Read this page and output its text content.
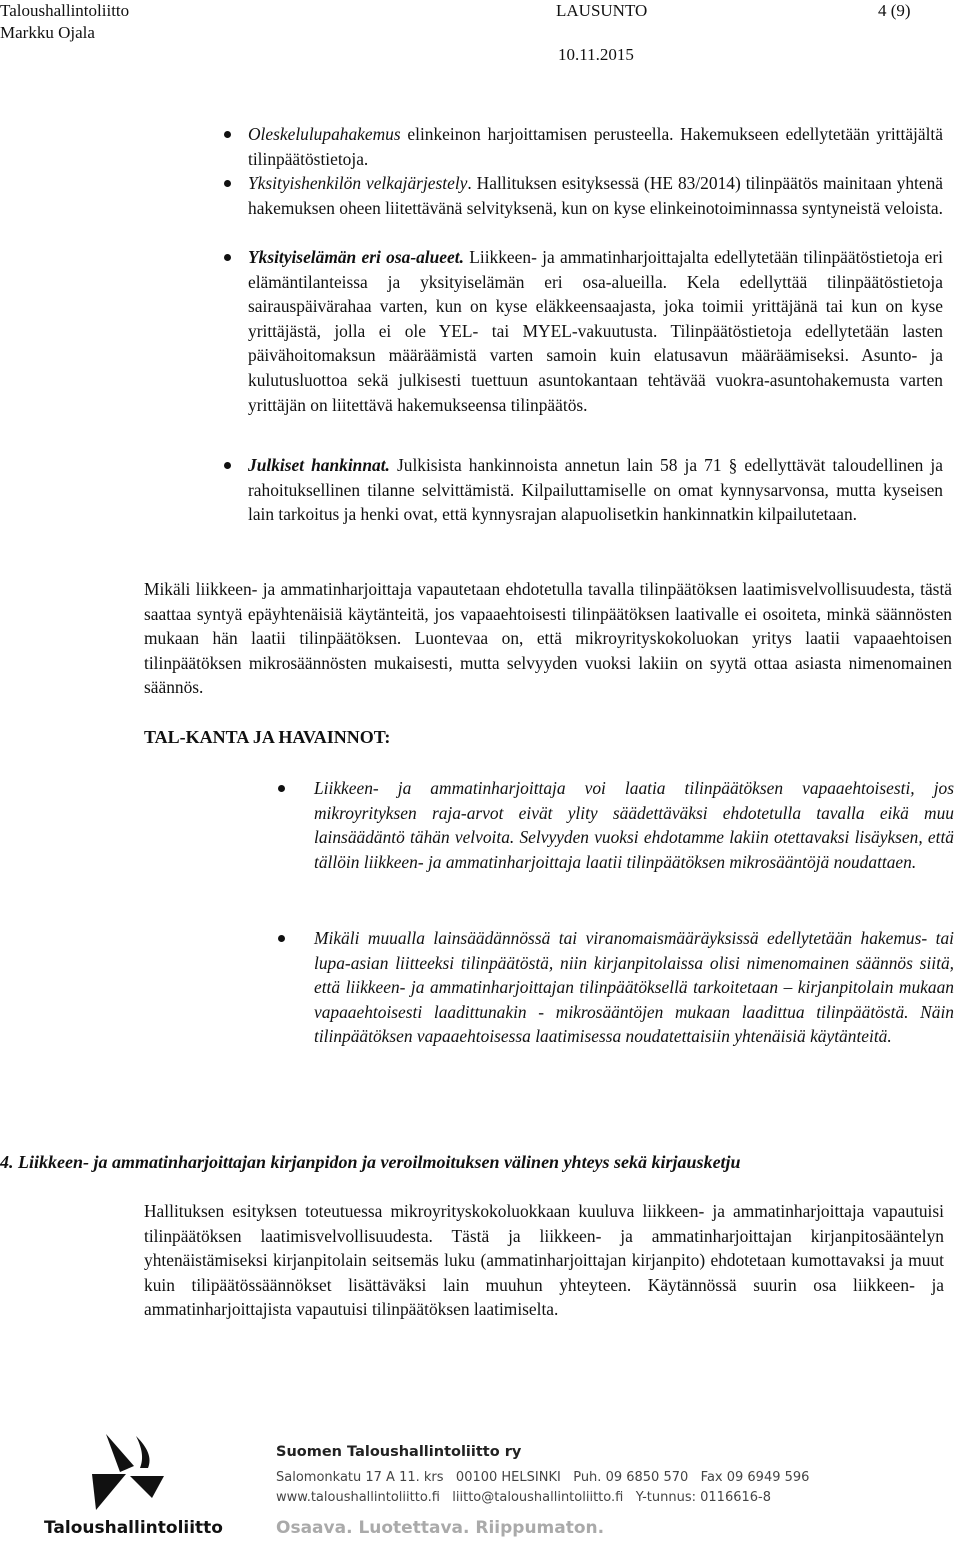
Taloushallintoliitto
Markku Ojala
LAUSUNTO
10.11.2015
4 (9)

Oleskelulupahakemus elinkeinon harjoittamisen perusteella. Hakemukseen edellytetään yrittäjältä tilinpäätöstietoja.

Yksityishenkilön velkajärjestely. Hallituksen esityksessä (HE 83/2014) tilinpäätös mainitaan yhtenä hakemuksen oheen liitettävänä selvityksenä, kun on kyse elinkeinotoiminnassa syntyneistä veloista.

Yksityiselämän eri osa-alueet. Liikkeen- ja ammatinharjoittajalta edellytetään tilinpäätöstietoja eri elämäntilanteissa ja yksityiselämän eri osa-alueilla. Kela edellyttää tilinpäätöstietoja sairauspäivärahaa varten, kun on kyse eläkkeensaajasta, joka toimii yrittäjänä tai kun on kyse yrittäjästä, jolla ei ole YEL- tai MYEL-vakuutusta. Tilinpäätöstietoja edellytetään lasten päivähoitomaksun määräämistä varten samoin kuin elatusavun määräämiseksi. Asunto- ja kulutusluottoa sekä julkisesti tuettuun asuntokantaan tehtävää vuokra-asuntohakemusta varten yrittäjän on liitettävä hakemukseensa tilinpäätös.

Julkiset hankinnat. Julkisista hankinnoista annetun lain 58 ja 71 § edellyttävät taloudellinen ja rahoituksellinen tilanne selvittämistä. Kilpailuttamiselle on omat kynnysarvonsa, mutta kyseisen lain tarkoitus ja henki ovat, että kynnysrajan alapuolisetkin hankinnatkin kilpailutetaan.

Mikäli liikkeen- ja ammatinharjoittaja vapautetaan ehdotetulla tavalla tilinpäätöksen laatimisvelvollisuudesta, tästä saattaa syntyä epäyhtenäisiä käytänteitä, jos vapaaehtoisesti tilinpäätöksen laativalle ei osoiteta, minkä säännösten mukaan hän laatii tilinpäätöksen. Luontevaa on, että mikroyrityskokoluokan yritys laatii vapaaehtoisen tilinpäätöksen mikrosäännösten mukaisesti, mutta selvyyden vuoksi lakiin on syytä ottaa asiasta nimenomainen säännös.

TAL-KANTA JA HAVAINNOT:

Liikkeen- ja ammatinharjoittaja voi laatia tilinpäätöksen vapaaehtoisesti, jos mikroyrityksen raja-arvot eivät ylity säädettäväksi ehdotetulla tavalla eikä muu lainsäädäntö tähän velvoita. Selvyyden vuoksi ehdotamme lakiin otettavaksi lisäyksen, että tällöin liikkeen- ja ammatinharjoittaja laatii tilinpäätöksen mikrosääntöjä noudattaen.

Mikäli muualla lainsäädännössä tai viranomaismääräyksissä edellytetään hakemus- tai lupa-asian liitteeksi tilinpäätöstä, niin kirjanpitolaissa olisi nimenomainen säännös siitä, että liikkeen- ja ammatinharjoittajan tilinpäätöksellä tarkoitetaan – kirjanpitolain mukaan vapaaehtoisesti laadittunakin - mikrosääntöjen mukaan laadittua tilinpäätöstä. Näin tilinpäätöksen vapaaehtoisessa laatimisessa noudatettaisiin yhtenäisiä käytänteitä.

4. Liikkeen- ja ammatinharjoittajan kirjanpidon ja veroilmoituksen välinen yhteys sekä kirjausketju

Hallituksen esityksen toteutuessa mikroyrityskokoluokkaan kuuluva liikkeen- ja ammatinharjoittaja vapautuisi tilinpäätöksen laatimisvelvollisuudesta. Tästä ja liikkeen- ja ammatinharjoittajan kirjanpitosääntelyn yhtenäistämiseksi kirjanpitolain seitsemäs luku (ammatinharjoittajan kirjanpito) ehdotetaan kumottavaksi ja muut kuin tilipäätössäännökset lisättäväksi lain muuhun yhteyteen. Käytännössä suurin osa liikkeen- ja ammatinharjoittajista vapautuisi tilinpäätöksen laatimiselta.

Taloushallintoliitto
Suomen Taloushallintoliitto ry
Salomonkatu 17 A 11. krs   00100 HELSINKI   Puh. 09 6850 570   Fax 09 6949 596
www.taloushallintoliitto.fi   liitto@taloushallintoliitto.fi   Y-tunnus: 0116616-8
Osaava. Luotettava. Riippumaton.
